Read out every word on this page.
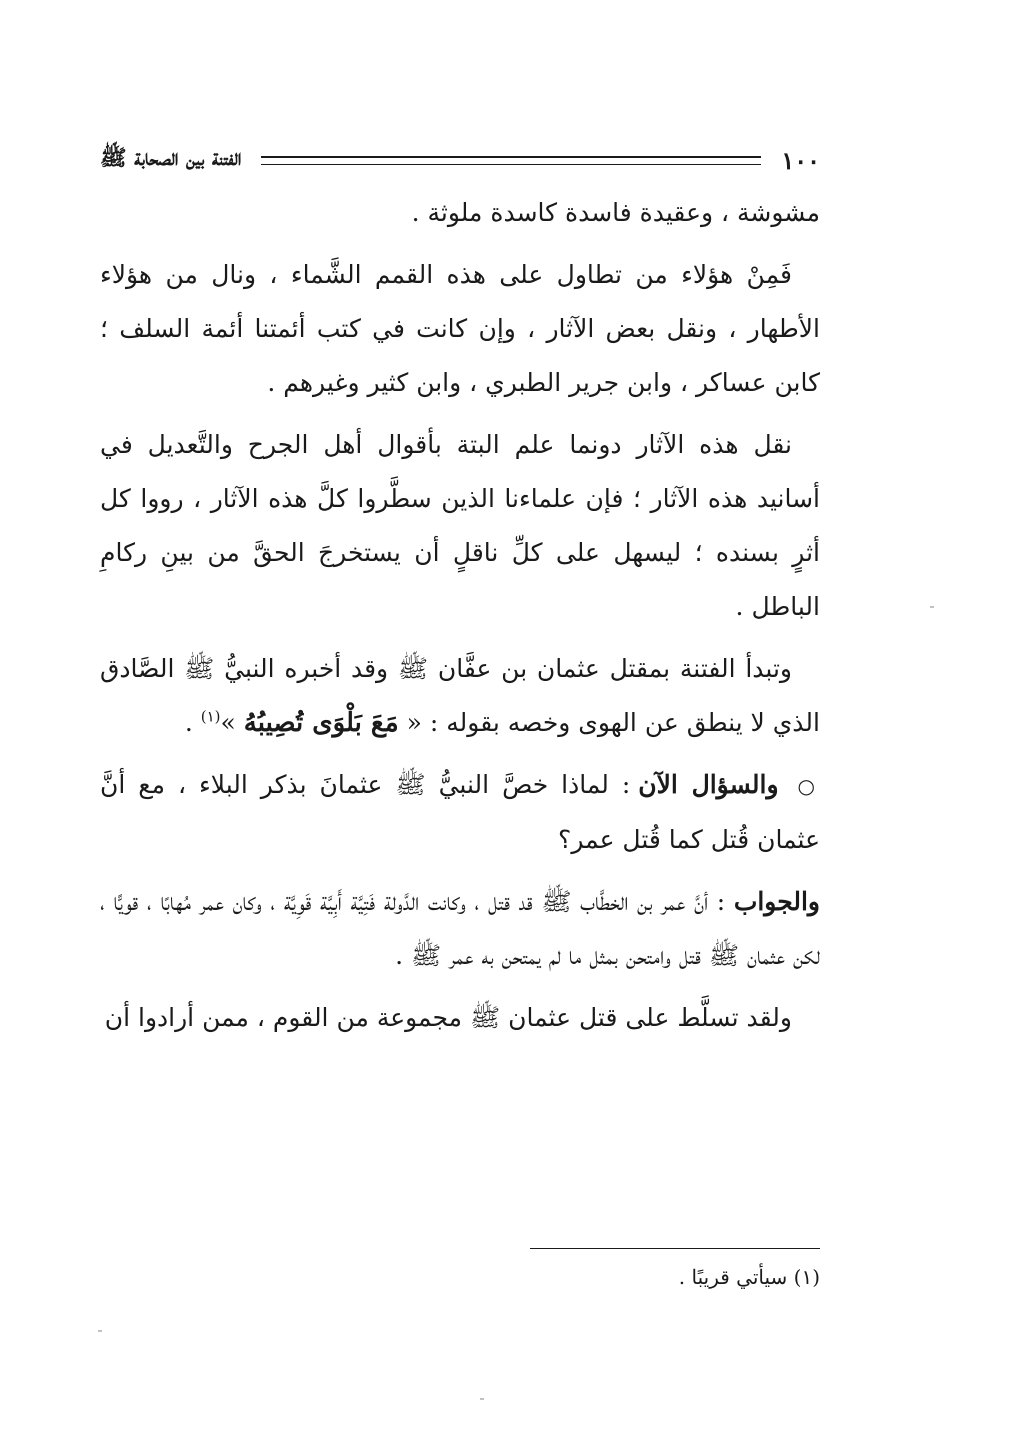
١٠٠
الفتنة بين الصحابة ﷺ

مشوشة ، وعقيدة فاسدة كاسدة ملوثة .

فَمِنْ هؤلاء من تطاول على هذه القمم الشَّماء ، ونال من هؤلاء الأطهار ، ونقل بعض الآثار ، وإن كانت في كتب أئمتنا أئمة السلف ؛ كابن عساكر ، وابن جرير الطبري ، وابن كثير وغيرهم .

نقل هذه الآثار دونما علم البتة بأقوال أهل الجرح والتَّعديل في أسانيد هذه الآثار ؛ فإن علماءنا الذين سطَّروا كلَّ هذه الآثار ، رووا كل أثرٍ بسنده ؛ ليسهل على كلِّ ناقلٍ أن يستخرجَ الحقَّ من بينِ ركامِ الباطل .

وتبدأ الفتنة بمقتل عثمان بن عفَّان ﷺ وقد أخبره النبيُّ ﷺ الصَّادق الذي لا ينطق عن الهوى وخصه بقوله : « مَعَ بَلْوَى تُصِيبُهُ »$^{(١)}$ .

○ والسؤال الآن : لماذا خصَّ النبيُّ ﷺ عثمانَ بذكر البلاء ، مع أنَّ عثمان قُتل كما قُتل عمر؟

والجواب : أنَّ عمر بن الخطَّاب ﷺ قد قتل ، وكانت الدَّولة فَتِيَّة أَبِيَّة قَوِيَّة ، وكان عمر مُهابًا ، قويًّا ، لكن عثمان ﷺ قتل وامتحن بمثل ما لم يمتحن به عمر ﷺ .

ولقد تسلَّط على قتل عثمان ﷺ مجموعة من القوم ، ممن أرادوا أن

(١) سيأتي قريبًا .
